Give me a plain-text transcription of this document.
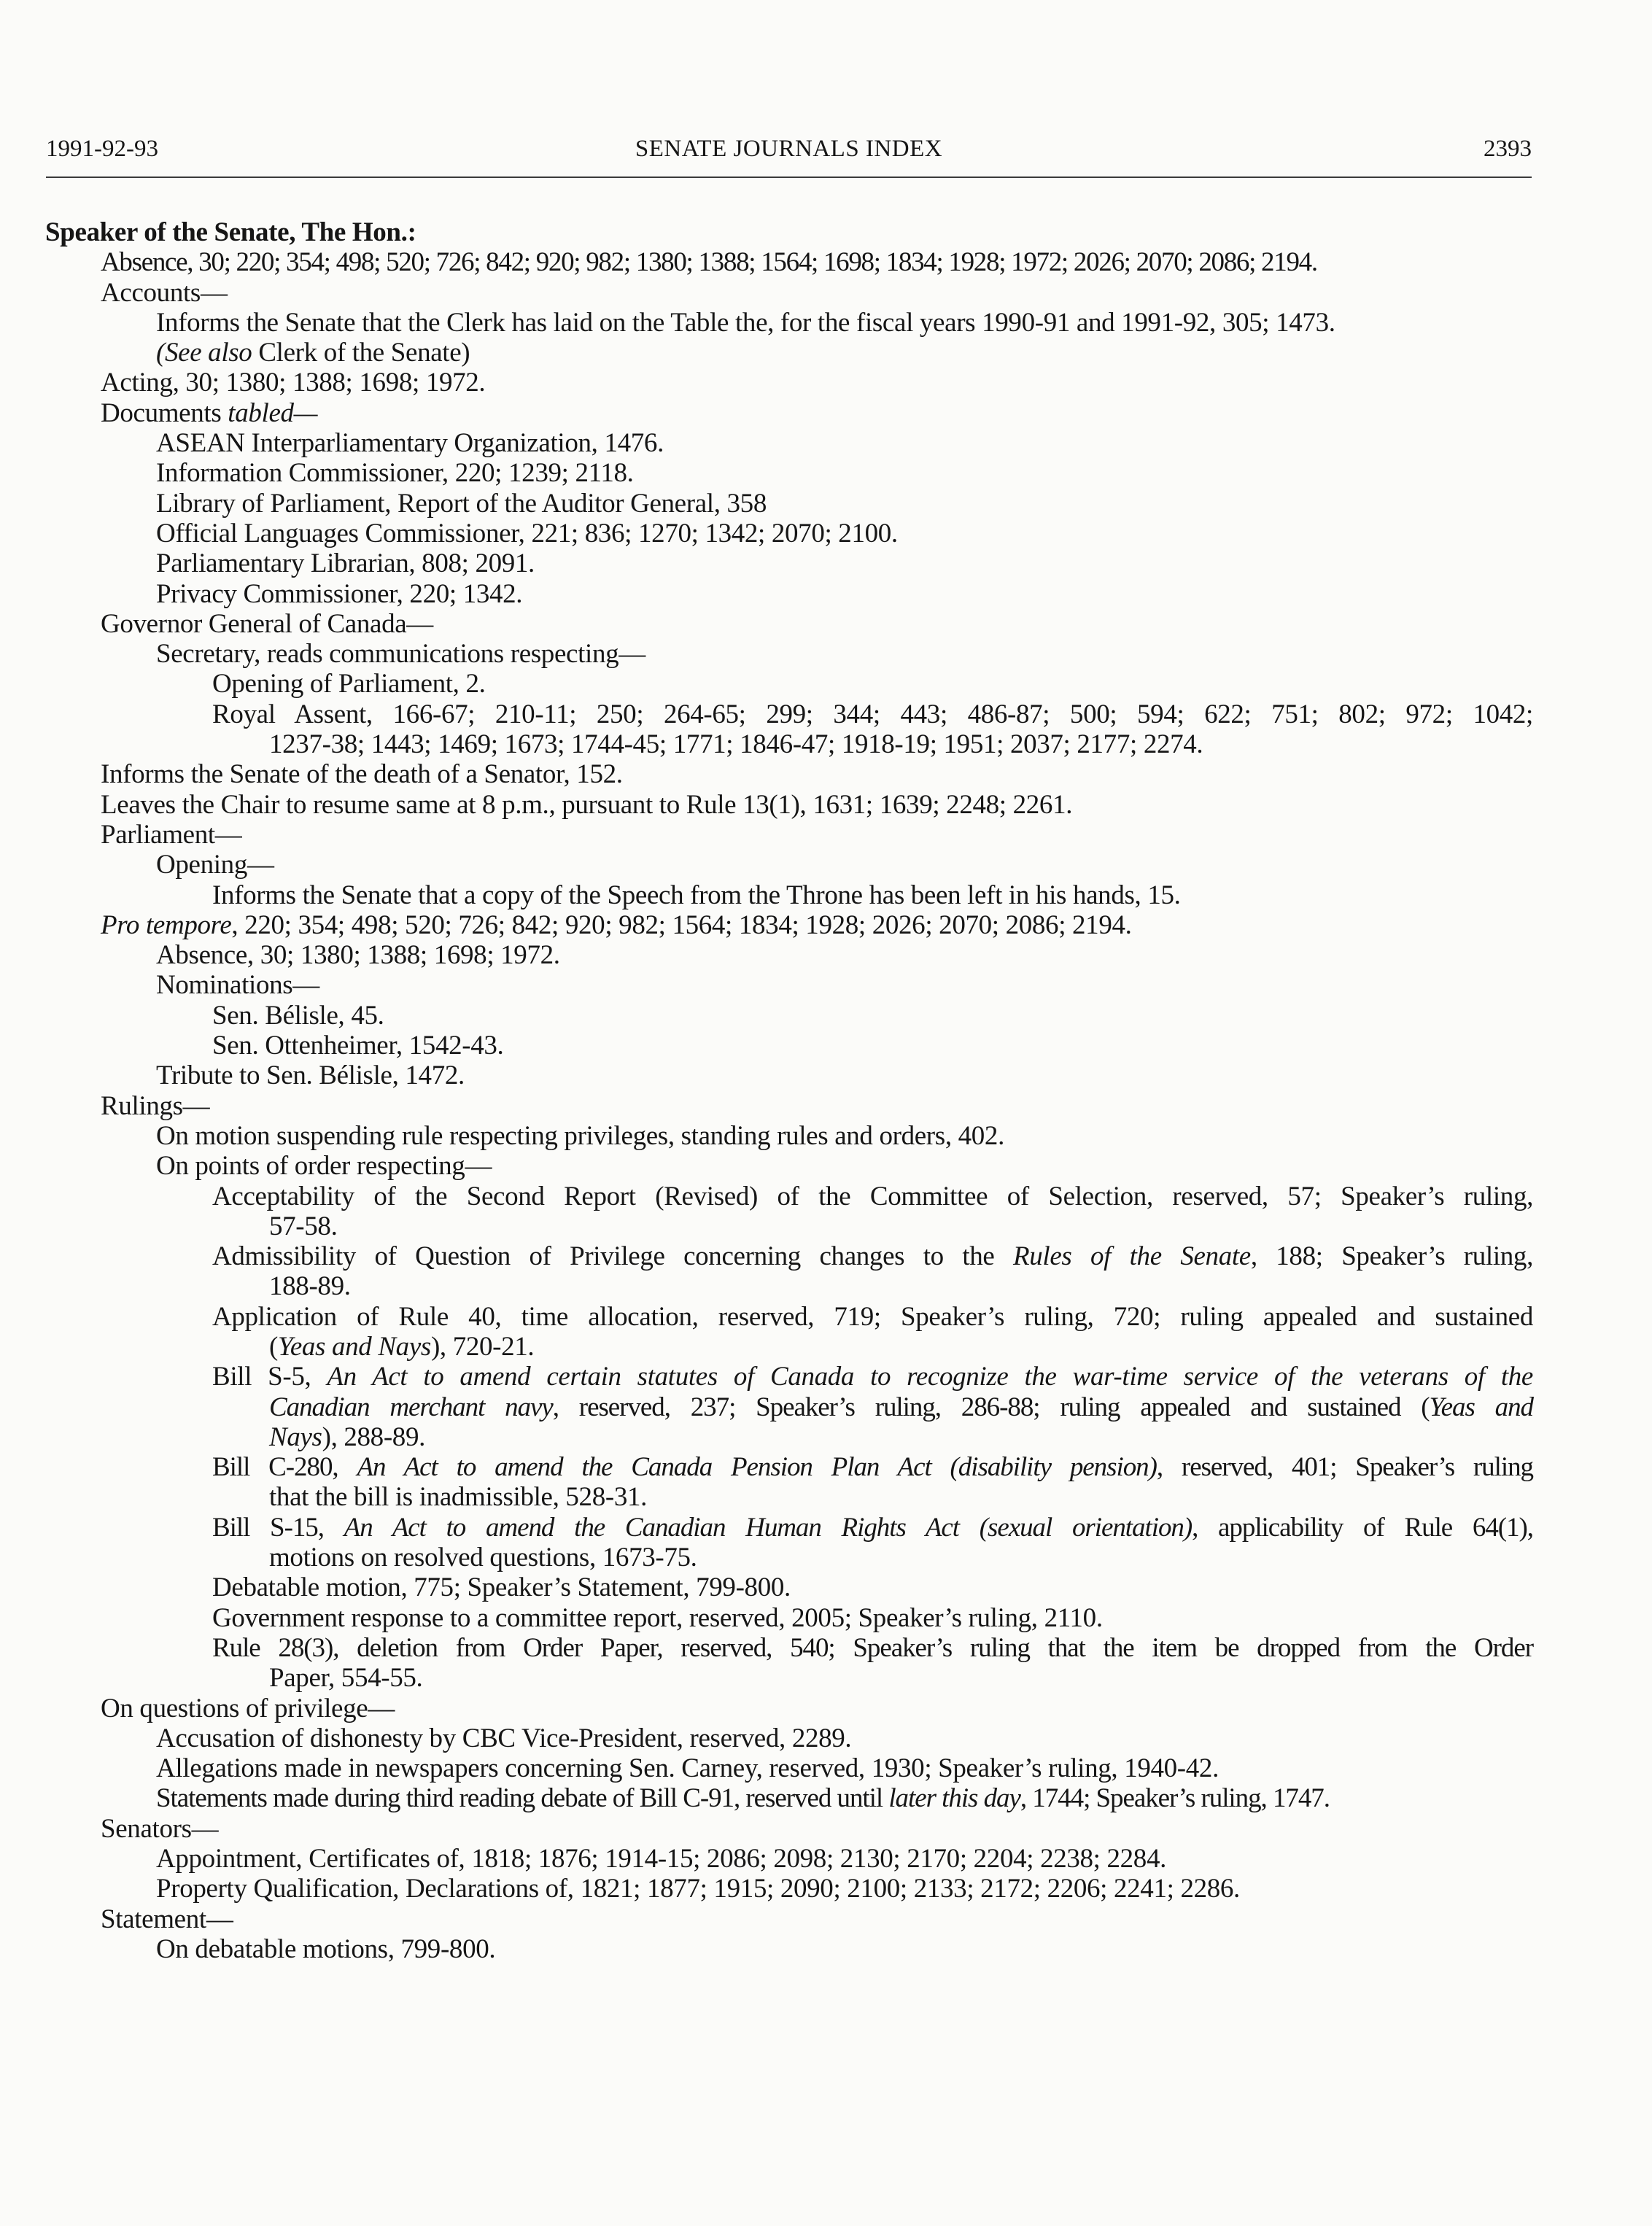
1991-92-93	SENATE JOURNALS INDEX	2393
Speaker of the Senate, The Hon.:
Absence, 30; 220; 354; 498; 520; 726; 842; 920; 982; 1380; 1388; 1564; 1698; 1834; 1928; 1972; 2026; 2070; 2086; 2194.
Accounts—
Informs the Senate that the Clerk has laid on the Table the, for the fiscal years 1990-91 and 1991-92, 305; 1473.
(See also Clerk of the Senate)
Acting, 30; 1380; 1388; 1698; 1972.
Documents tabled—
ASEAN Interparliamentary Organization, 1476.
Information Commissioner, 220; 1239; 2118.
Library of Parliament, Report of the Auditor General, 358
Official Languages Commissioner, 221; 836; 1270; 1342; 2070; 2100.
Parliamentary Librarian, 808; 2091.
Privacy Commissioner, 220; 1342.
Governor General of Canada—
Secretary, reads communications respecting—
Opening of Parliament, 2.
Royal Assent, 166-67; 210-11; 250; 264-65; 299; 344; 443; 486-87; 500; 594; 622; 751; 802; 972; 1042;
1237-38; 1443; 1469; 1673; 1744-45; 1771; 1846-47; 1918-19; 1951; 2037; 2177; 2274.
Informs the Senate of the death of a Senator, 152.
Leaves the Chair to resume same at 8 p.m., pursuant to Rule 13(1), 1631; 1639; 2248; 2261.
Parliament—
Opening—
Informs the Senate that a copy of the Speech from the Throne has been left in his hands, 15.
Pro tempore, 220; 354; 498; 520; 726; 842; 920; 982; 1564; 1834; 1928; 2026; 2070; 2086; 2194.
Absence, 30; 1380; 1388; 1698; 1972.
Nominations—
Sen. Bélisle, 45.
Sen. Ottenheimer, 1542-43.
Tribute to Sen. Bélisle, 1472.
Rulings—
On motion suspending rule respecting privileges, standing rules and orders, 402.
On points of order respecting—
Acceptability of the Second Report (Revised) of the Committee of Selection, reserved, 57; Speaker’s ruling,
57-58.
Admissibility of Question of Privilege concerning changes to the Rules of the Senate, 188; Speaker’s ruling,
188-89.
Application of Rule 40, time allocation, reserved, 719; Speaker’s ruling, 720; ruling appealed and sustained
(Yeas and Nays), 720-21.
Bill S-5, An Act to amend certain statutes of Canada to recognize the war-time service of the veterans of the
Canadian merchant navy, reserved, 237; Speaker’s ruling, 286-88; ruling appealed and sustained (Yeas and
Nays), 288-89.
Bill C-280, An Act to amend the Canada Pension Plan Act (disability pension), reserved, 401; Speaker’s ruling
that the bill is inadmissible, 528-31.
Bill S-15, An Act to amend the Canadian Human Rights Act (sexual orientation), applicability of Rule 64(1),
motions on resolved questions, 1673-75.
Debatable motion, 775; Speaker’s Statement, 799-800.
Government response to a committee report, reserved, 2005; Speaker’s ruling, 2110.
Rule 28(3), deletion from Order Paper, reserved, 540; Speaker’s ruling that the item be dropped from the Order
Paper, 554-55.
On questions of privilege—
Accusation of dishonesty by CBC Vice-President, reserved, 2289.
Allegations made in newspapers concerning Sen. Carney, reserved, 1930; Speaker’s ruling, 1940-42.
Statements made during third reading debate of Bill C-91, reserved until later this day, 1744; Speaker’s ruling, 1747.
Senators—
Appointment, Certificates of, 1818; 1876; 1914-15; 2086; 2098; 2130; 2170; 2204; 2238; 2284.
Property Qualification, Declarations of, 1821; 1877; 1915; 2090; 2100; 2133; 2172; 2206; 2241; 2286.
Statement—
On debatable motions, 799-800.
